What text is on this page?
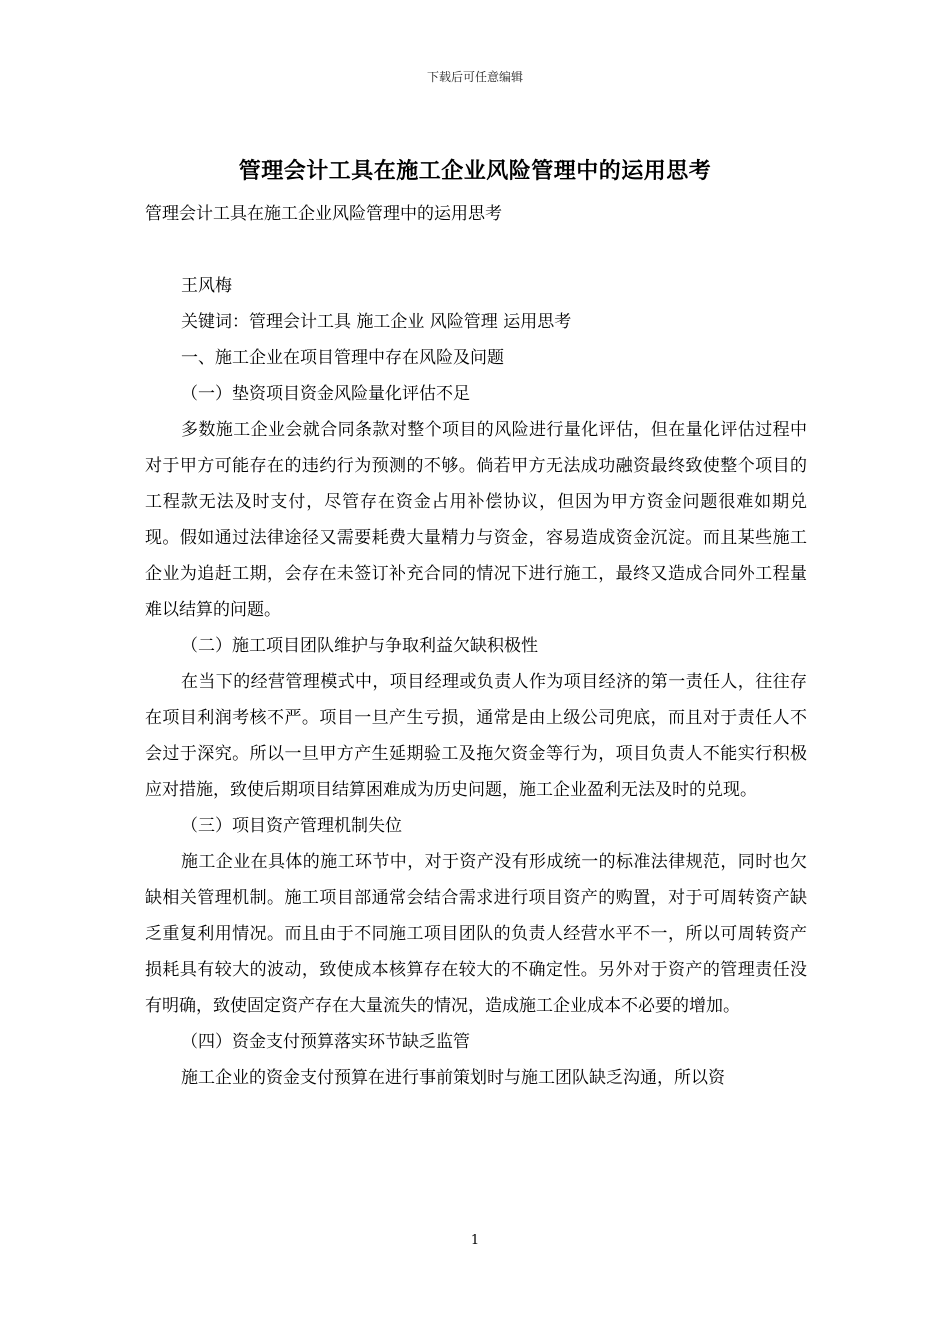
下载后可任意编辑
管理会计工具在施工企业风险管理中的运用思考

管理会计工具在施工企业风险管理中的运用思考

王风梅

关键词：管理会计工具 施工企业 风险管理 运用思考

一、施工企业在项目管理中存在风险及问题

（一）垫资项目资金风险量化评估不足

多数施工企业会就合同条款对整个项目的风险进行量化评估，但在量化评估过程中对于甲方可能存在的违约行为预测的不够。倘若甲方无法成功融资最终致使整个项目的工程款无法及时支付，尽管存在资金占用补偿协议，但因为甲方资金问题很难如期兑现。假如通过法律途径又需要耗费大量精力与资金，容易造成资金沉淀。而且某些施工企业为追赶工期，会存在未签订补充合同的情况下进行施工，最终又造成合同外工程量难以结算的问题。

（二）施工项目团队维护与争取利益欠缺积极性

在当下的经营管理模式中，项目经理或负责人作为项目经济的第一责任人，往往存在项目利润考核不严。项目一旦产生亏损，通常是由上级公司兜底，而且对于责任人不会过于深究。所以一旦甲方产生延期验工及拖欠资金等行为，项目负责人不能实行积极应对措施，致使后期项目结算困难成为历史问题，施工企业盈利无法及时的兑现。

（三）项目资产管理机制失位

施工企业在具体的施工环节中，对于资产没有形成统一的标准法律规范，同时也欠缺相关管理机制。施工项目部通常会结合需求进行项目资产的购置，对于可周转资产缺乏重复利用情况。而且由于不同施工项目团队的负责人经营水平不一，所以可周转资产损耗具有较大的波动，致使成本核算存在较大的不确定性。另外对于资产的管理责任没有明确，致使固定资产存在大量流失的情况，造成施工企业成本不必要的增加。

（四）资金支付预算落实环节缺乏监管

施工企业的资金支付预算在进行事前策划时与施工团队缺乏沟通，所以资

1
